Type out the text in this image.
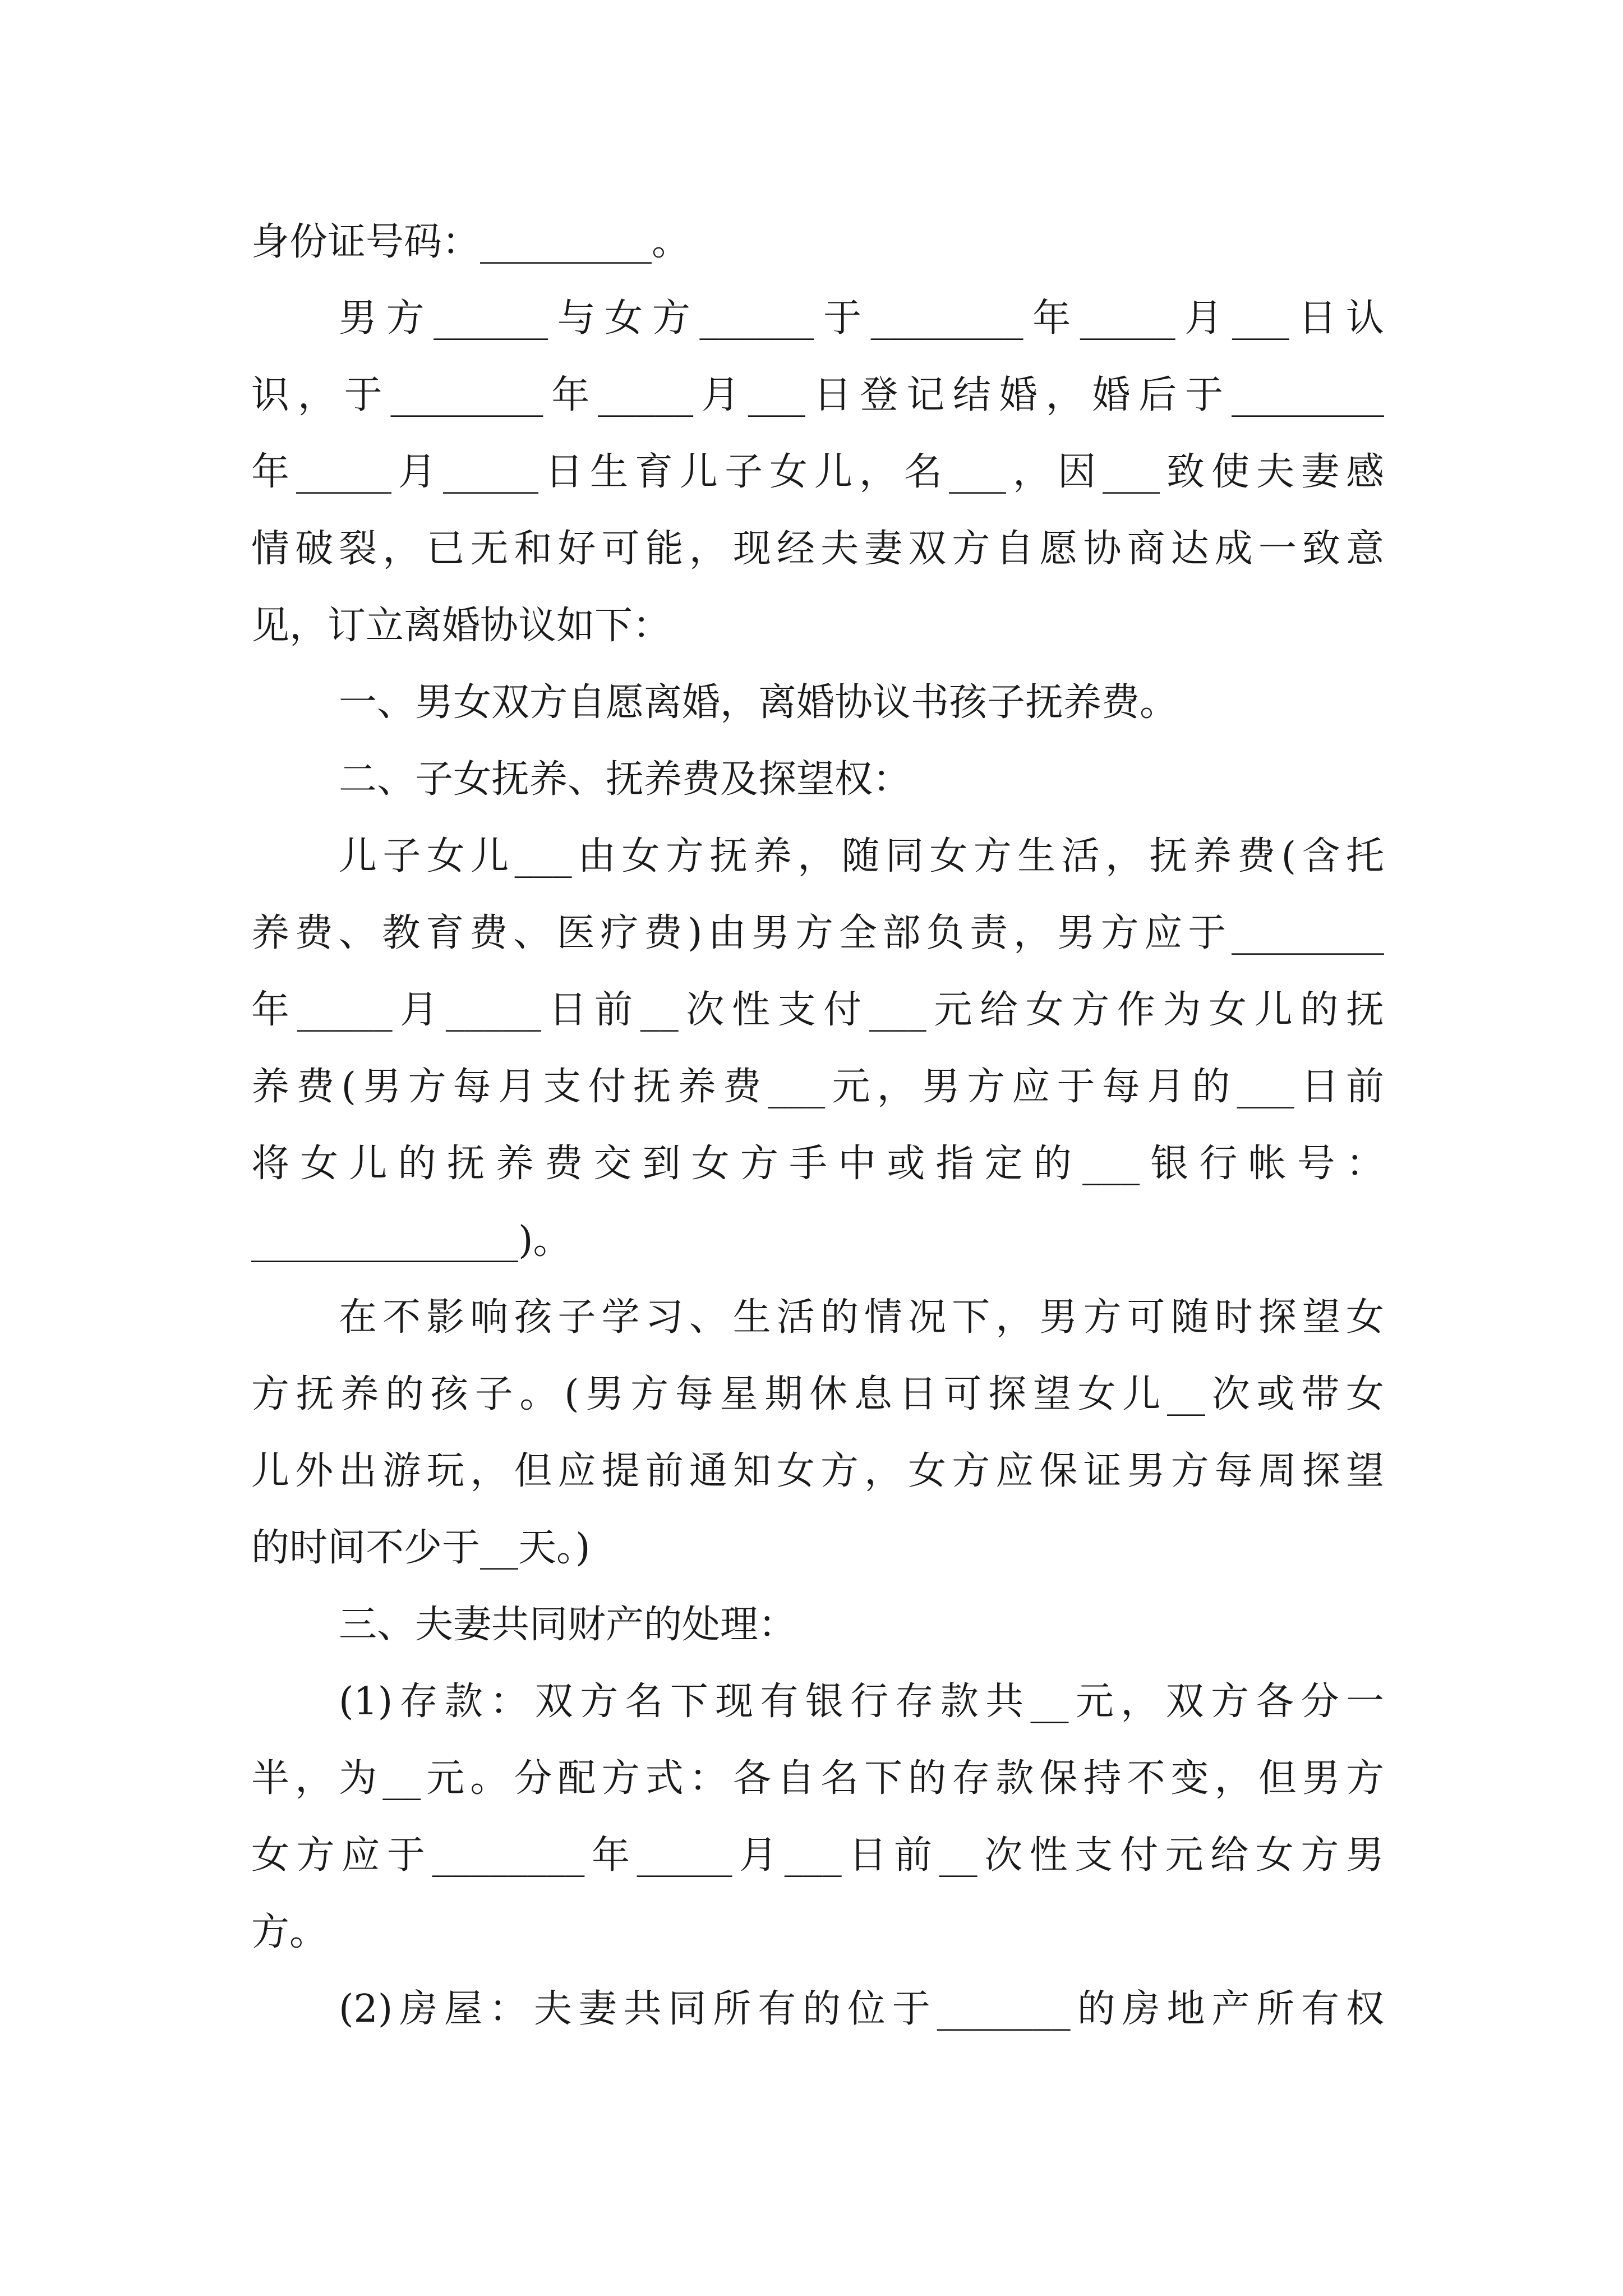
身份证号码：_________。
男方______与女方______于________年_____月___日认
识，于________年_____月___日登记结婚，婚后于________
年_____月_____日生育儿子女儿，名___，因___致使夫妻感
情破裂，已无和好可能，现经夫妻双方自愿协商达成一致意
见，订立离婚协议如下：
一、男女双方自愿离婚，离婚协议书孩子抚养费。
二、子女抚养、抚养费及探望权：
儿子女儿___由女方抚养，随同女方生活，抚养费(含托
养费、教育费、医疗费)由男方全部负责，男方应于________
年_____月_____日前__次性支付___元给女方作为女儿的抚
养费(男方每月支付抚养费___元，男方应于每月的___日前
将女儿的抚养费交到女方手中或指定的___银行帐号：
______________)。
在不影响孩子学习、生活的情况下，男方可随时探望女
方抚养的孩子。(男方每星期休息日可探望女儿__次或带女
儿外出游玩，但应提前通知女方，女方应保证男方每周探望
的时间不少于__天。)
三、夫妻共同财产的处理：
(1)存款：双方名下现有银行存款共__元，双方各分一
半，为__元。分配方式：各自名下的存款保持不变，但男方
女方应于________年_____月___日前__次性支付元给女方男
方。
(2)房屋：夫妻共同所有的位于_______的房地产所有权
